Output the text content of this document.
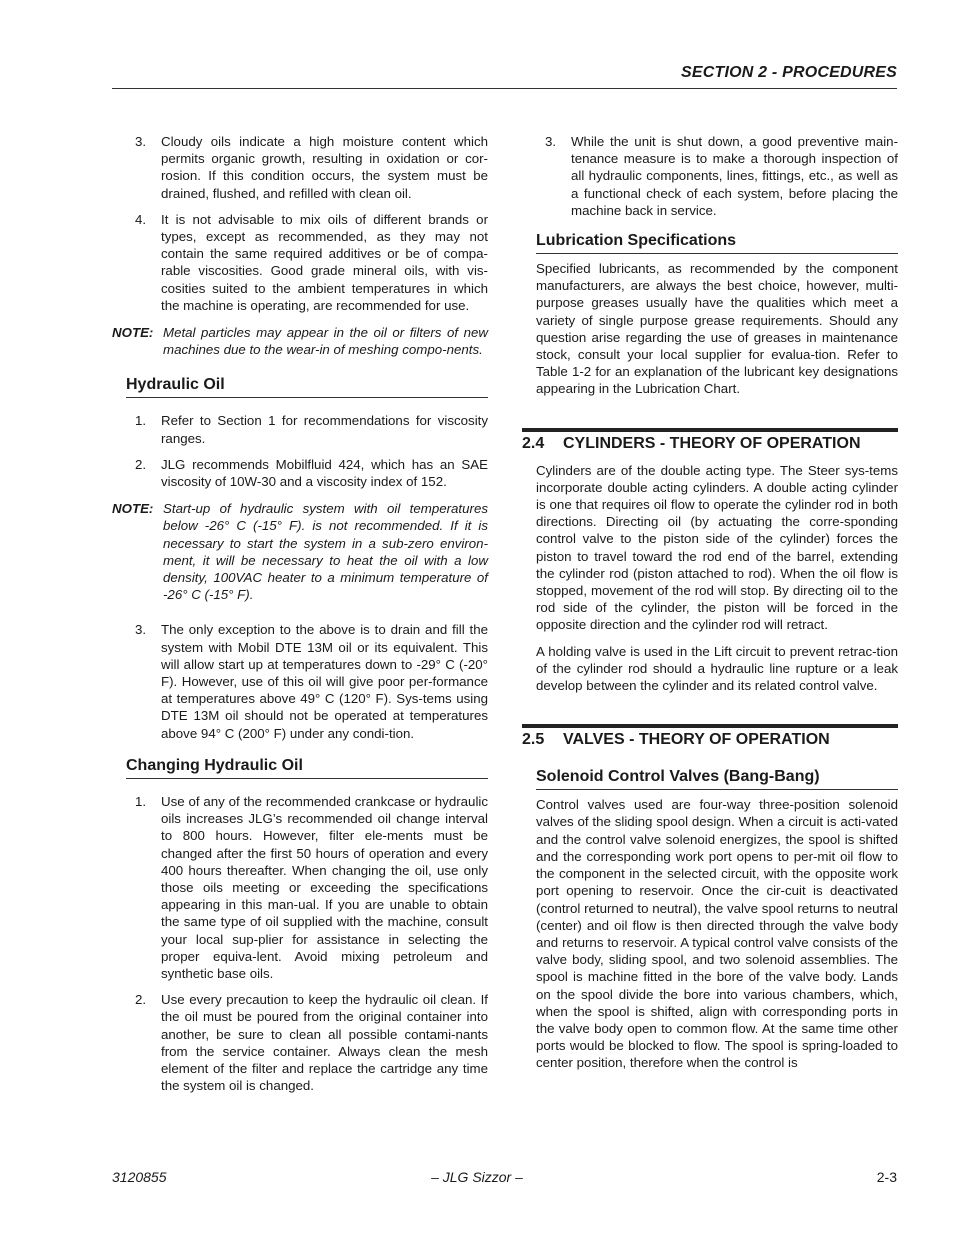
SECTION 2 - PROCEDURES
3. Cloudy oils indicate a high moisture content which permits organic growth, resulting in oxidation or cor-rosion. If this condition occurs, the system must be drained, flushed, and refilled with clean oil.
4. It is not advisable to mix oils of different brands or types, except as recommended, as they may not contain the same required additives or be of compa-rable viscosities. Good grade mineral oils, with vis-cosities suited to the ambient temperatures in which the machine is operating, are recommended for use.
NOTE: Metal particles may appear in the oil or filters of new machines due to the wear-in of meshing compo-nents.
Hydraulic Oil
1. Refer to Section 1 for recommendations for viscosity ranges.
2. JLG recommends Mobilfluid 424, which has an SAE viscosity of 10W-30 and a viscosity index of 152.
NOTE: Start-up of hydraulic system with oil temperatures below -26° C (-15° F). is not recommended. If it is necessary to start the system in a sub-zero environ-ment, it will be necessary to heat the oil with a low density, 100VAC heater to a minimum temperature of -26° C (-15° F).
3. The only exception to the above is to drain and fill the system with Mobil DTE 13M oil or its equivalent. This will allow start up at temperatures down to -29° C (-20° F). However, use of this oil will give poor per-formance at temperatures above 49° C (120° F). Sys-tems using DTE 13M oil should not be operated at temperatures above 94° C (200° F) under any condi-tion.
Changing Hydraulic Oil
1. Use of any of the recommended crankcase or hydraulic oils increases JLG’s recommended oil change interval to 800 hours. However, filter ele-ments must be changed after the first 50 hours of operation and every 400 hours thereafter. When changing the oil, use only those oils meeting or exceeding the specifications appearing in this man-ual. If you are unable to obtain the same type of oil supplied with the machine, consult your local sup-plier for assistance in selecting the proper equiva-lent. Avoid mixing petroleum and synthetic base oils.
2. Use every precaution to keep the hydraulic oil clean. If the oil must be poured from the original container into another, be sure to clean all possible contami-nants from the service container. Always clean the mesh element of the filter and replace the cartridge any time the system oil is changed.
3. While the unit is shut down, a good preventive main-tenance measure is to make a thorough inspection of all hydraulic components, lines, fittings, etc., as well as a functional check of each system, before placing the machine back in service.
Lubrication Specifications
Specified lubricants, as recommended by the component manufacturers, are always the best choice, however, multi-purpose greases usually have the qualities which meet a variety of single purpose grease requirements. Should any question arise regarding the use of greases in maintenance stock, consult your local supplier for evalua-tion. Refer to Table 1-2 for an explanation of the lubricant key designations appearing in the Lubrication Chart.
2.4 CYLINDERS - THEORY OF OPERATION
Cylinders are of the double acting type. The Steer sys-tems incorporate double acting cylinders. A double acting cylinder is one that requires oil flow to operate the cylinder rod in both directions. Directing oil (by actuating the corre-sponding control valve to the piston side of the cylinder) forces the piston to travel toward the rod end of the barrel, extending the cylinder rod (piston attached to rod). When the oil flow is stopped, movement of the rod will stop. By directing oil to the rod side of the cylinder, the piston will be forced in the opposite direction and the cylinder rod will retract.
A holding valve is used in the Lift circuit to prevent retrac-tion of the cylinder rod should a hydraulic line rupture or a leak develop between the cylinder and its related control valve.
2.5 VALVES - THEORY OF OPERATION
Solenoid Control Valves (Bang-Bang)
Control valves used are four-way three-position solenoid valves of the sliding spool design. When a circuit is acti-vated and the control valve solenoid energizes, the spool is shifted and the corresponding work port opens to per-mit oil flow to the component in the selected circuit, with the opposite work port opening to reservoir. Once the cir-cuit is deactivated (control returned to neutral), the valve spool returns to neutral (center) and oil flow is then directed through the valve body and returns to reservoir. A typical control valve consists of the valve body, sliding spool, and two solenoid assemblies. The spool is machine fitted in the bore of the valve body. Lands on the spool divide the bore into various chambers, which, when the spool is shifted, align with corresponding ports in the valve body open to common flow. At the same time other ports would be blocked to flow. The spool is spring-loaded to center position, therefore when the control is
3120855	– JLG Sizzor –	2-3
